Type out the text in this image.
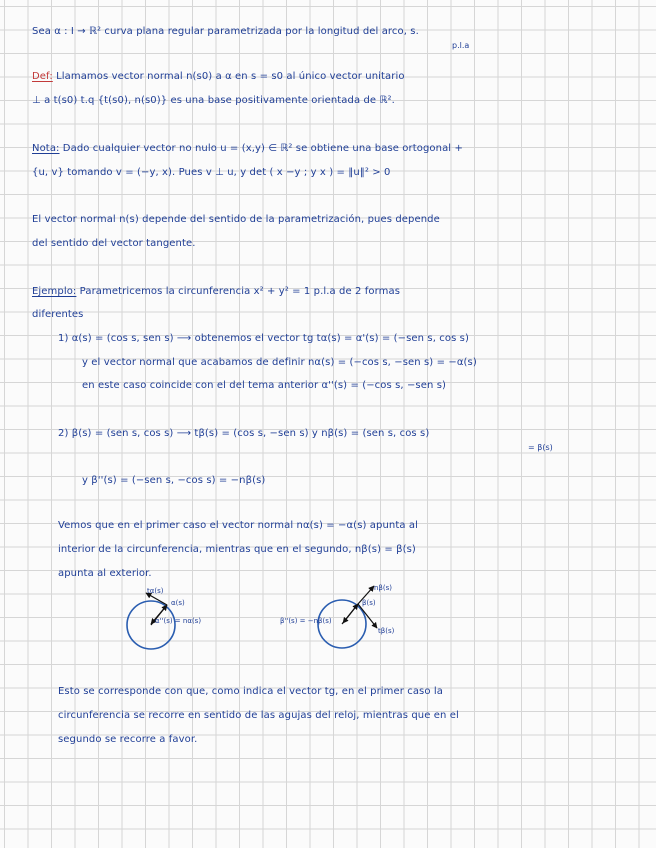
Sea α : I → ℝ² curva plana regular parametrizada por la longitud del arco, s.
p.l.a
Def: Llamamos vector normal n(s0) a α en s = s0 al único vector unitario
⊥ a t(s0) t.q {t(s0), n(s0)} es una base positivamente orientada de ℝ².
Nota: Dado cualquier vector no nulo u = (x,y) ∈ ℝ² se obtiene una base ortogonal +
{u, v} tomando v = (−y, x). Pues v ⊥ u, y det ( x −y ; y x ) = ‖u‖² > 0
El vector normal n(s) depende del sentido de la parametrización, pues depende
del sentido del vector tangente.
Ejemplo: Parametricemos la circunferencia x² + y² = 1 p.l.a de 2 formas
diferentes
1) α(s) = (cos s, sen s) ⟶ obtenemos el vector tg tα(s) = α'(s) = (−sen s, cos s)
y el vector normal que acabamos de definir nα(s) = (−cos s, −sen s) = −α(s)
en este caso coincide con el del tema anterior α''(s) = (−cos s, −sen s)
2) β(s) = (sen s, cos s) ⟶ tβ(s) = (cos s, −sen s) y nβ(s) = (sen s, cos s)
= β(s)
y β''(s) = (−sen s, −cos s) = −nβ(s)
Vemos que en el primer caso el vector normal nα(s) = −α(s) apunta al
interior de la circunferencia, mientras que en el segundo, nβ(s) = β(s)
apunta al exterior.
tα(s)
α(s)
α''(s) = nα(s)
nβ(s)
β(s)
β''(s) = −nβ(s)
tβ(s)
Esto se corresponde con que, como indica el vector tg, en el primer caso la
circunferencia se recorre en sentido de las agujas del reloj, mientras que en el
segundo se recorre a favor.
